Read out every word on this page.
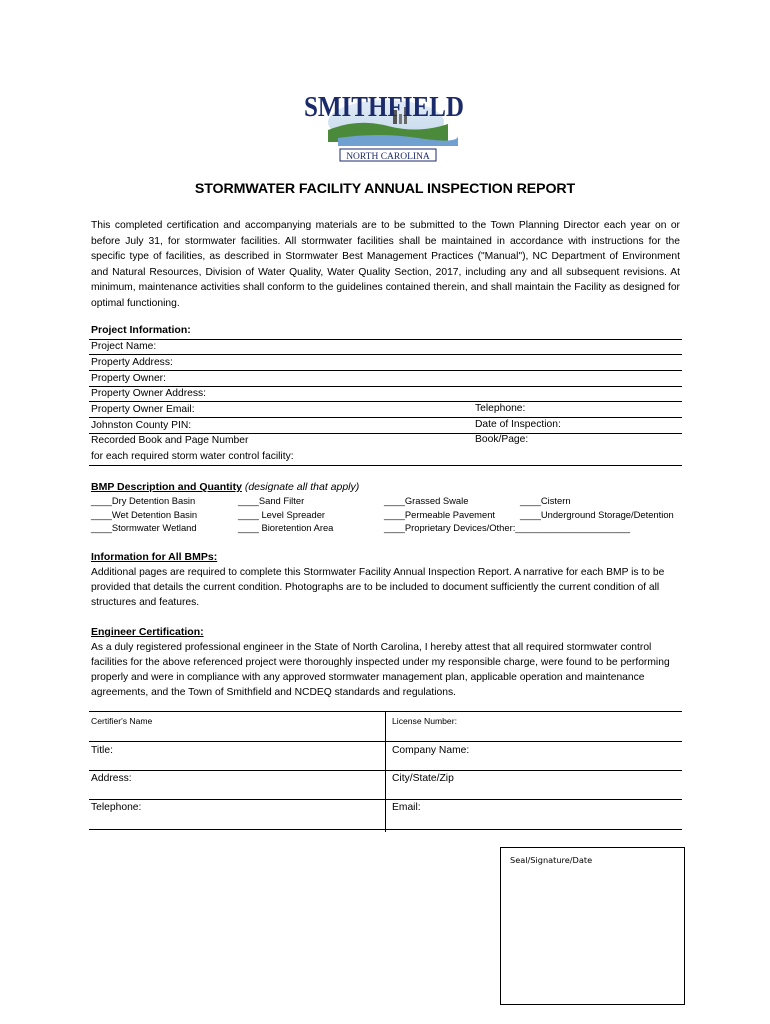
SMITHFIELD
NORTH CAROLINA
STORMWATER FACILITY ANNUAL INSPECTION REPORT
This completed certification and accompanying materials are to be submitted to the Town Planning Director each year on or before July 31, for stormwater facilities. All stormwater facilities shall be maintained in accordance with instructions for the specific type of facilities, as described in Stormwater Best Management Practices ("Manual"), NC Department of Environment and Natural Resources, Division of Water Quality, Water Quality Section, 2017, including any and all subsequent revisions. At minimum, maintenance activities shall conform to the guidelines contained therein, and shall maintain the Facility as designed for optimal functioning.
Project Information:
Project Name:
Property Address:
Property Owner:
Property Owner Address:
Property Owner Email:	Telephone:
Johnston County PIN:	Date of Inspection:
Recorded Book and Page Number	Book/Page:
for each required storm water control facility:
BMP Description and Quantity (designate all that apply)
____Dry Detention Basin
____Wet Detention Basin
____Stormwater Wetland
____Sand Filter
____ Level Spreader
____ Bioretention Area
____Grassed Swale
____Permeable Pavement
____Proprietary Devices/Other:______________________
____Cistern
____Underground Storage/Detention
Information for All BMPs:
Additional pages are required to complete this Stormwater Facility Annual Inspection Report. A narrative for each BMP is to be provided that details the current condition. Photographs are to be included to document sufficiently the current condition of all structures and features.
Engineer Certification:
As a duly registered professional engineer in the State of North Carolina, I hereby attest that all required stormwater control facilities for the above referenced project were thoroughly inspected under my responsible charge, were found to be performing properly and were in compliance with any approved stormwater management plan, applicable operation and maintenance agreements, and the Town of Smithfield and NCDEQ standards and regulations.
Certifier's Name	License Number:
Title:	Company Name:
Address:	City/State/Zip
Telephone:	Email:
Seal/Signature/Date
